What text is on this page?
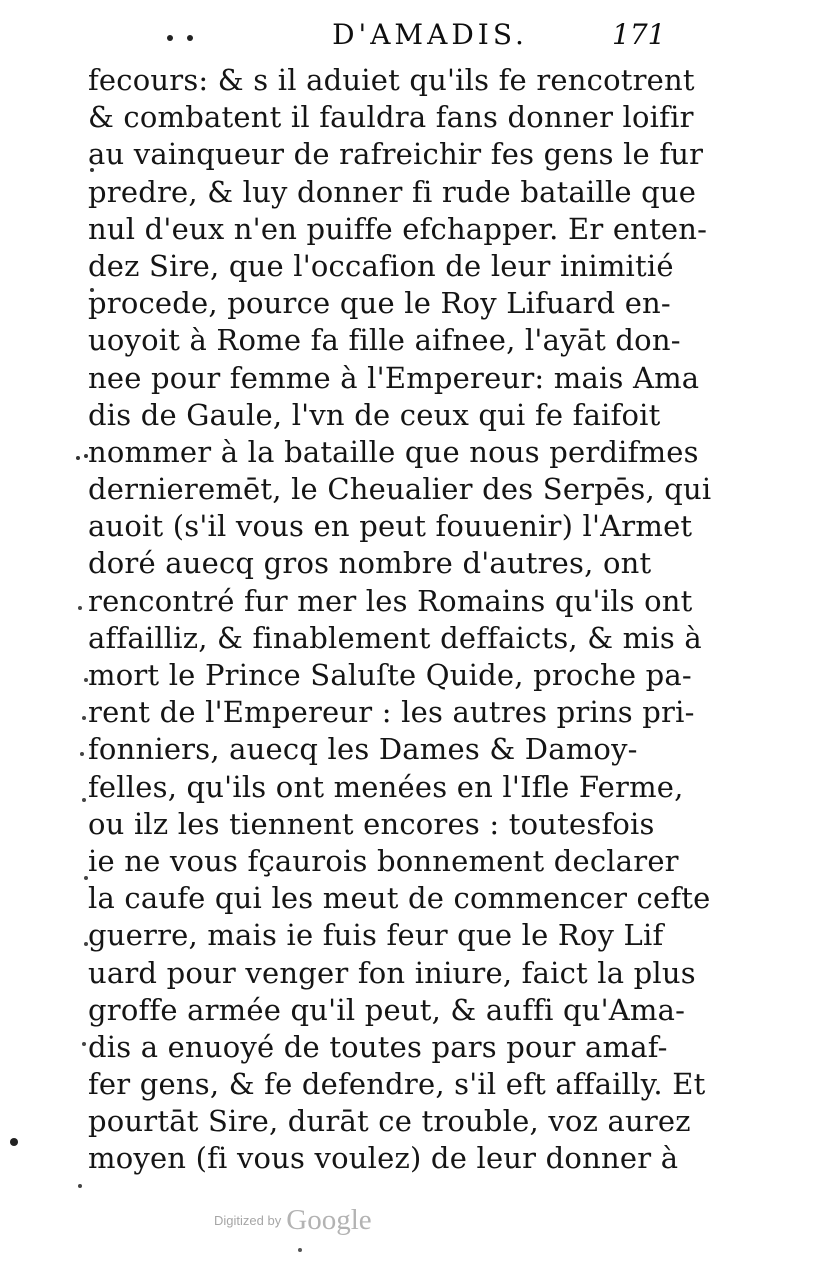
D'AMADIS.	171
fecours: & s il aduiet qu'ils fe rencotrent
& combatent il fauldra fans donner loifir
au vainqueur de rafreichir fes gens le fur
predre, & luy donner fi rude bataille que
nul d'eux n'en puiffe efchapper. Er enten-
dez Sire, que l'occafion de leur inimitié
procede, pource que le Roy Lifuard en-
uoyoit à Rome fa fille aifnee, l'ayāt don-
nee pour femme à l'Empereur: mais Ama
dis de Gaule, l'vn de ceux qui fe faifoit
nommer à la bataille que nous perdifmes
dernieremēt, le Cheualier des Serpēs, qui
auoit (s'il vous en peut fouuenir) l'Armet
doré auecq gros nombre d'autres, ont
rencontré fur mer les Romains qu'ils ont
affailliz, & finablement deffaicts, & mis à
mort le Prince Saluſte Quide, proche pa-
rent de l'Empereur : les autres prins pri-
fonniers, auecq les Dames & Damoy-
felles, qu'ils ont menées en l'Ifle Ferme,
ou ilz les tiennent encores : toutesfois
ie ne vous fçaurois bonnement declarer
la caufe qui les meut de commencer cefte
guerre, mais ie fuis feur que le Roy Lif
uard pour venger fon iniure, faict la plus
groffe armée qu'il peut, & auffi qu'Ama-
dis a enuoyé de toutes pars pour amaf-
fer gens, & fe defendre, s'il eft affailly. Et
pourtāt Sire, durāt ce trouble, voz aurez
moyen (fi vous voulez) de leur donner à
Digitized by Google
